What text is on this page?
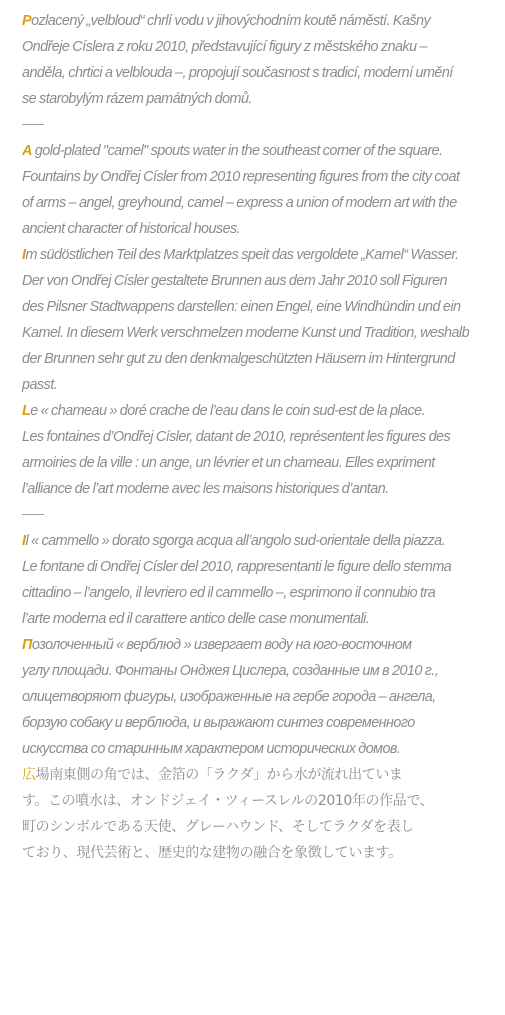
Pozlacený „velbloud“ chrlí vodu v jihovýchodním koutě náměstí. Kašny
Ondřeje Císlera z roku 2010, představující figury z městského znaku –
anděla, chrtici a velblouda –, propojují současnost s tradicí, moderní umění
se starobylým rázem památných domů.
A gold-plated "camel" spouts water in the southeast corner of the square.
Fountains by Ondřej Císler from 2010 representing figures from the city coat
of arms – angel, greyhound, camel – express a union of modern art with the
ancient character of historical houses.
Im südöstlichen Teil des Marktplatzes speit das vergoldete „Kamel“ Wasser.
Der von Ondřej Císler gestaltete Brunnen aus dem Jahr 2010 soll Figuren
des Pilsner Stadtwappens darstellen: einen Engel, eine Windhündin und ein
Kamel. In diesem Werk verschmelzen moderne Kunst und Tradition, weshalb
der Brunnen sehr gut zu den denkmalgeschützten Häusern im Hintergrund
passt.
Le « chameau » doré crache de l’eau dans le coin sud-est de la place.
Les fontaines d’Ondřej Císler, datant de 2010, représentent les figures des
armoiries de la ville : un ange, un lévrier et un chameau. Elles expriment
l’alliance de l’art moderne avec les maisons historiques d’antan.
Il « cammello » dorato sgorga acqua all’angolo sud-orientale della piazza.
Le fontane di Ondřej Císler del 2010, rappresentanti le figure dello stemma
cittadino – l’angelo, il levriero ed il cammello –, esprimono il connubio tra
l’arte moderna ed il carattere antico delle case monumentali.
Позолоченный « верблюд » извергает воду на юго-восточном
углу площади. Фонтаны Онджея Цислера, созданные им в 2010 г.,
олицетворяют фигуры, изображенные на гербе города – ангела,
борзую собаку и верблюда, и выражают синтез современного
искусства со старинным характером исторических домов.
広場南東側の角では、金箔の「ラクダ」から水が流れ出ていま
す。この噴水は、オンドジェイ・ツィースレルの2010年の作品で、
町のシンボルである天使、グレーハウンド、そしてラクダを表し
ており、現代芸術と、歴史的な建物の融合を象徴しています。
